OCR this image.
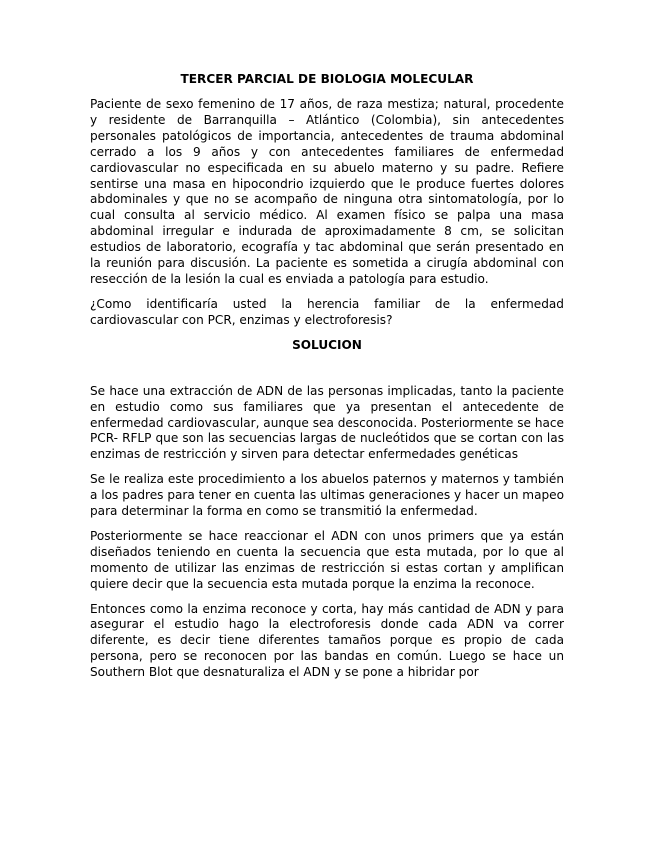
TERCER PARCIAL DE BIOLOGIA MOLECULAR

Paciente de sexo femenino de 17 años, de raza mestiza; natural, procedente y residente de Barranquilla – Atlántico (Colombia), sin antecedentes personales patológicos de importancia, antecedentes de trauma abdominal cerrado a los 9 años y con antecedentes familiares de enfermedad cardiovascular no especificada en su abuelo materno y su padre. Refiere sentirse una masa en hipocondrio izquierdo que le produce fuertes dolores abdominales y que no se acompaño de ninguna otra sintomatología, por lo cual consulta al servicio médico. Al examen físico se palpa una masa abdominal irregular e indurada de aproximadamente 8 cm, se solicitan estudios de laboratorio, ecografía y tac abdominal que serán presentado en la reunión para discusión. La paciente es sometida a cirugía abdominal con resección de la lesión la cual es enviada a patología para estudio.

¿Como identificaría usted la herencia familiar de la enfermedad cardiovascular con PCR, enzimas y electroforesis?

SOLUCION

Se hace una extracción de ADN de las personas implicadas, tanto la paciente en estudio como sus familiares que ya presentan el antecedente de enfermedad cardiovascular, aunque sea desconocida. Posteriormente se hace PCR- RFLP que son las secuencias largas de nucleótidos que se cortan con las enzimas de restricción y sirven para detectar enfermedades genéticas

Se le realiza este procedimiento a los abuelos paternos y maternos y también a los padres para tener en cuenta las ultimas generaciones y hacer un mapeo para determinar la forma en como se transmitió la enfermedad.

Posteriormente se hace reaccionar el ADN con unos primers que ya están diseñados teniendo en cuenta la secuencia que esta mutada, por lo que al momento de utilizar las enzimas de restricción si estas cortan y amplifican quiere decir que la secuencia esta mutada porque la enzima la reconoce.

Entonces como la enzima reconoce y corta, hay más cantidad de ADN y para asegurar el estudio hago la electroforesis donde cada ADN va correr diferente, es decir tiene diferentes tamaños porque es propio de cada persona, pero se reconocen por las bandas en común. Luego se hace un Southern Blot que desnaturaliza el ADN y se pone a hibridar por
